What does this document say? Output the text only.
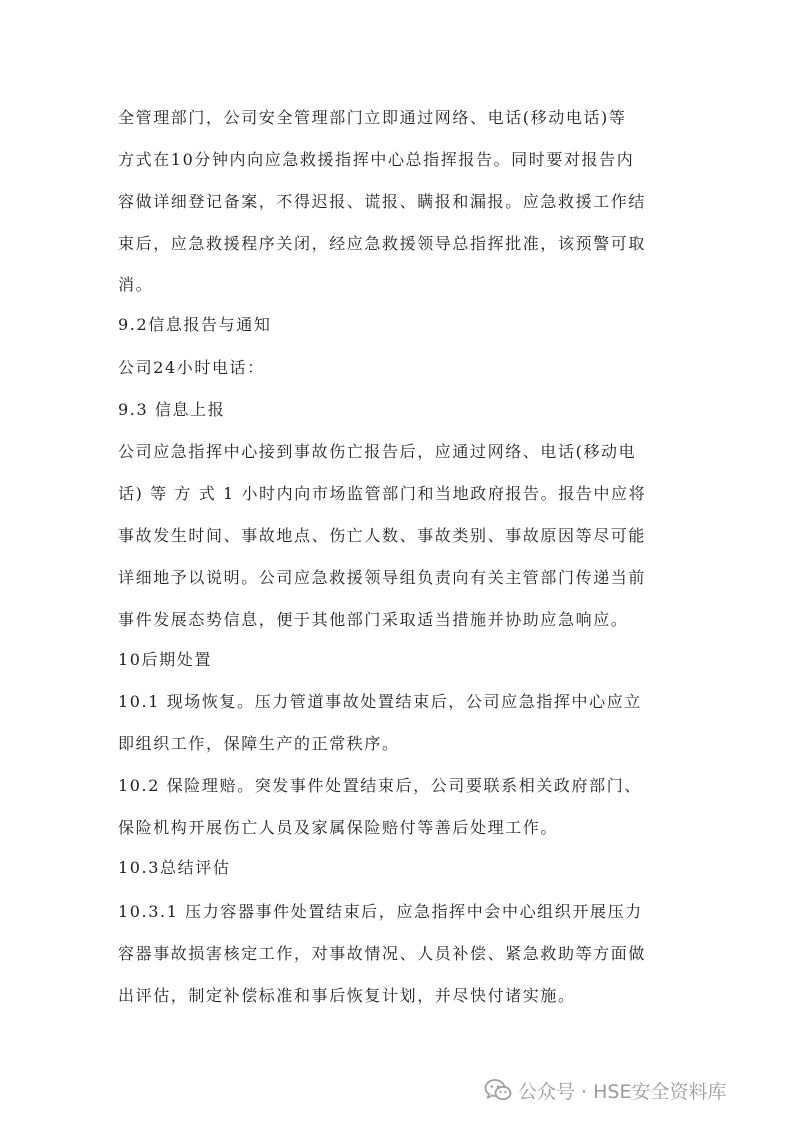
全管理部门，公司安全管理部门立即通过网络、电话(移动电话)等
方式在10分钟内向应急救援指挥中心总指挥报告。同时要对报告内
容做详细登记备案，不得迟报、谎报、瞒报和漏报。应急救援工作结
束后，应急救援程序关闭，经应急救援领导总指挥批准，该预警可取
消。
9.2信息报告与通知
公司24小时电话：
9.3 信息上报
公司应急指挥中心接到事故伤亡报告后，应通过网络、电话(移动电
话) 等 方 式 1 小时内向市场监管部门和当地政府报告。报告中应将
事故发生时间、事故地点、伤亡人数、事故类别、事故原因等尽可能
详细地予以说明。公司应急救援领导组负责向有关主管部门传递当前
事件发展态势信息，便于其他部门采取适当措施并协助应急响应。
10后期处置
10.1 现场恢复。压力管道事故处置结束后，公司应急指挥中心应立
即组织工作，保障生产的正常秩序。
10.2 保险理赔。突发事件处置结束后，公司要联系相关政府部门、
保险机构开展伤亡人员及家属保险赔付等善后处理工作。
10.3总结评估
10.3.1 压力容器事件处置结束后，应急指挥中会中心组织开展压力
容器事故损害核定工作，对事故情况、人员补偿、紧急救助等方面做
出评估，制定补偿标准和事后恢复计划，并尽快付诸实施。
公众号 · HSE安全资料库
